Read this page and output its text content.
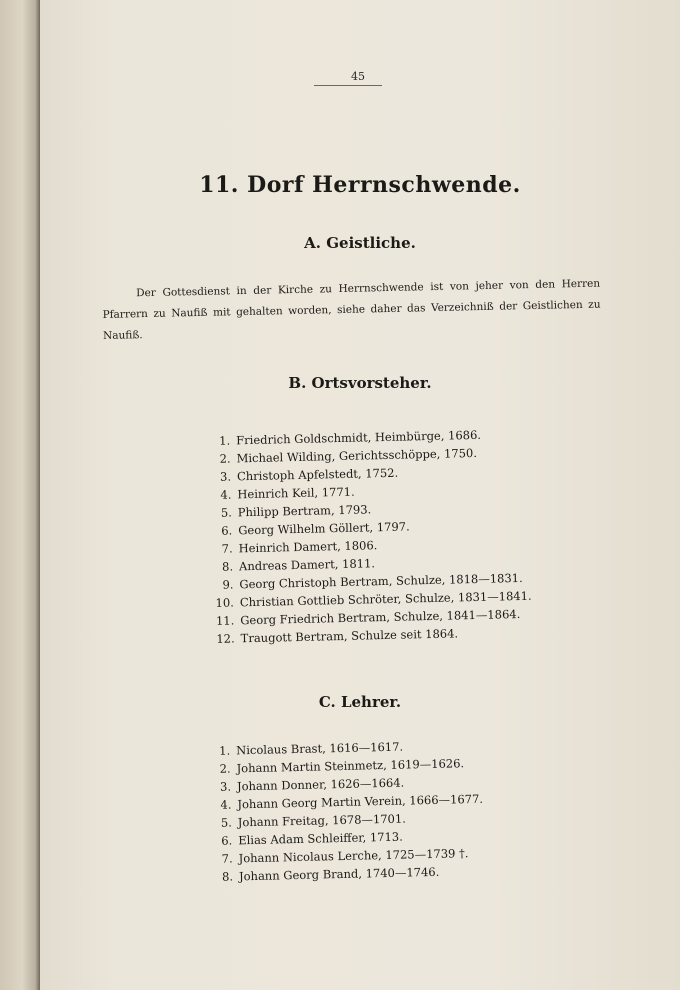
45
11. Dorf Herrnschwende.
A. Geistliche.
Der Gottesdienst in der Kirche zu Herrnschwende ist von jeher von den Herren Pfarrern zu Naufiß mit gehalten worden, siehe daher das Verzeichniß der Geistlichen zu Naufiß.
B. Ortsvorsteher.
1. Friedrich Goldschmidt, Heimbürge, 1686.
2. Michael Wilding, Gerichtsschöppe, 1750.
3. Christoph Apfelstedt, 1752.
4. Heinrich Keil, 1771.
5. Philipp Bertram, 1793.
6. Georg Wilhelm Göllert, 1797.
7. Heinrich Damert, 1806.
8. Andreas Damert, 1811.
9. Georg Christoph Bertram, Schulze, 1818—1831.
10. Christian Gottlieb Schröter, Schulze, 1831—1841.
11. Georg Friedrich Bertram, Schulze, 1841—1864.
12. Traugott Bertram, Schulze seit 1864.
C. Lehrer.
1. Nicolaus Brast, 1616—1617.
2. Johann Martin Steinmetz, 1619—1626.
3. Johann Donner, 1626—1664.
4. Johann Georg Martin Verein, 1666—1677.
5. Johann Freitag, 1678—1701.
6. Elias Adam Schleiffer, 1713.
7. Johann Nicolaus Lerche, 1725—1739 †.
8. Johann Georg Brand, 1740—1746.
